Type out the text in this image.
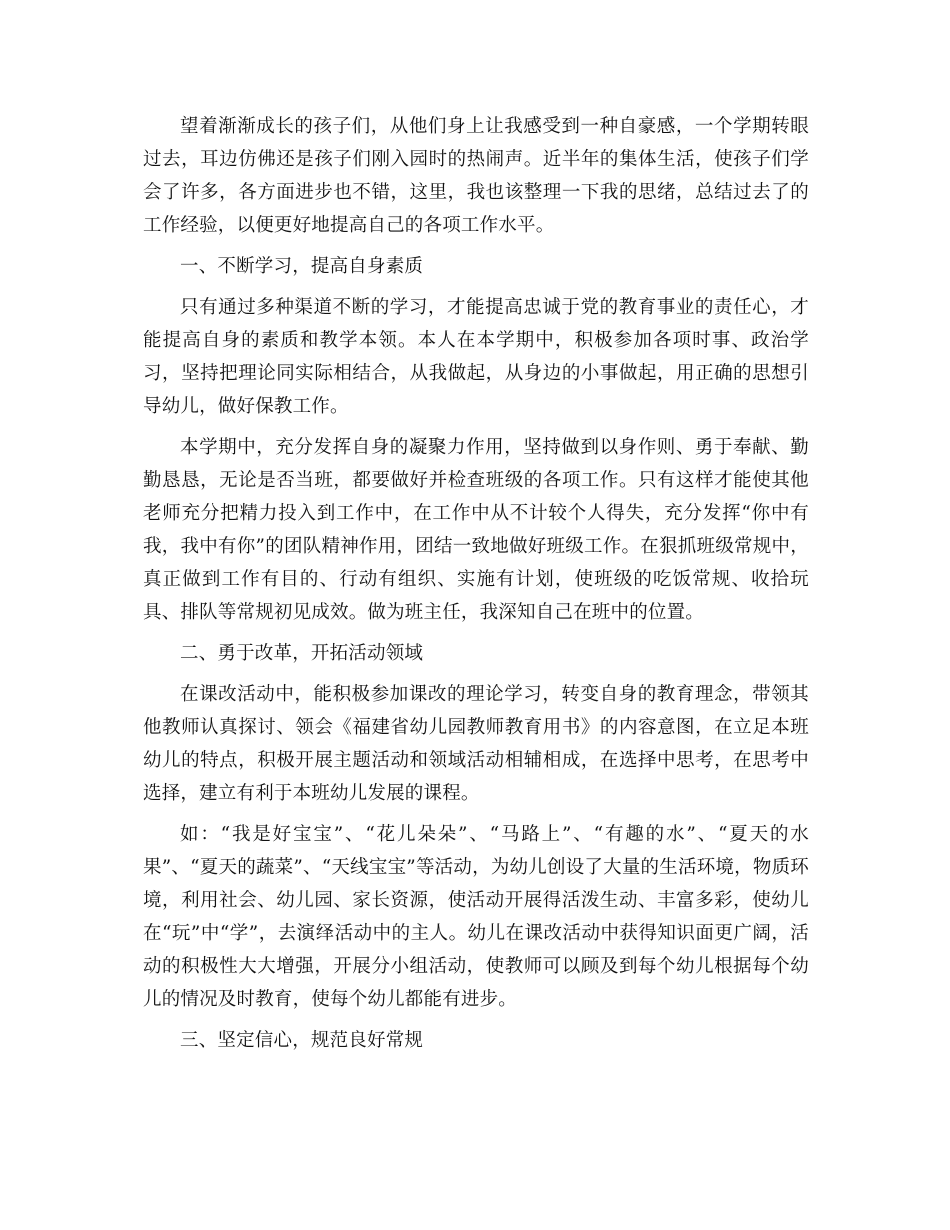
望着渐渐成长的孩子们，从他们身上让我感受到一种自豪感，一个学期转眼过去，耳边仿佛还是孩子们刚入园时的热闹声。近半年的集体生活，使孩子们学会了许多，各方面进步也不错，这里，我也该整理一下我的思绪，总结过去了的工作经验，以便更好地提高自己的各项工作水平。

一、不断学习，提高自身素质

只有通过多种渠道不断的学习，才能提高忠诚于党的教育事业的责任心，才能提高自身的素质和教学本领。本人在本学期中，积极参加各项时事、政治学习，坚持把理论同实际相结合，从我做起，从身边的小事做起，用正确的思想引导幼儿，做好保教工作。

本学期中，充分发挥自身的凝聚力作用，坚持做到以身作则、勇于奉献、勤勤恳恳，无论是否当班，都要做好并检查班级的各项工作。只有这样才能使其他老师充分把精力投入到工作中，在工作中从不计较个人得失，充分发挥“你中有我，我中有你”的团队精神作用，团结一致地做好班级工作。在狠抓班级常规中，真正做到工作有目的、行动有组织、实施有计划，使班级的吃饭常规、收拾玩具、排队等常规初见成效。做为班主任，我深知自己在班中的位置。

二、勇于改革，开拓活动领域

在课改活动中，能积极参加课改的理论学习，转变自身的教育理念，带领其他教师认真探讨、领会《福建省幼儿园教师教育用书》的内容意图，在立足本班幼儿的特点，积极开展主题活动和领域活动相辅相成，在选择中思考，在思考中选择，建立有利于本班幼儿发展的课程。

如：“我是好宝宝”、“花儿朵朵”、“马路上”、“有趣的水”、“夏天的水果”、“夏天的蔬菜”、“天线宝宝”等活动，为幼儿创设了大量的生活环境，物质环境，利用社会、幼儿园、家长资源，使活动开展得活泼生动、丰富多彩，使幼儿在“玩”中“学”，去演绎活动中的主人。幼儿在课改活动中获得知识面更广阔，活动的积极性大大增强，开展分小组活动，使教师可以顾及到每个幼儿根据每个幼儿的情况及时教育，使每个幼儿都能有进步。

三、坚定信心，规范良好常规
